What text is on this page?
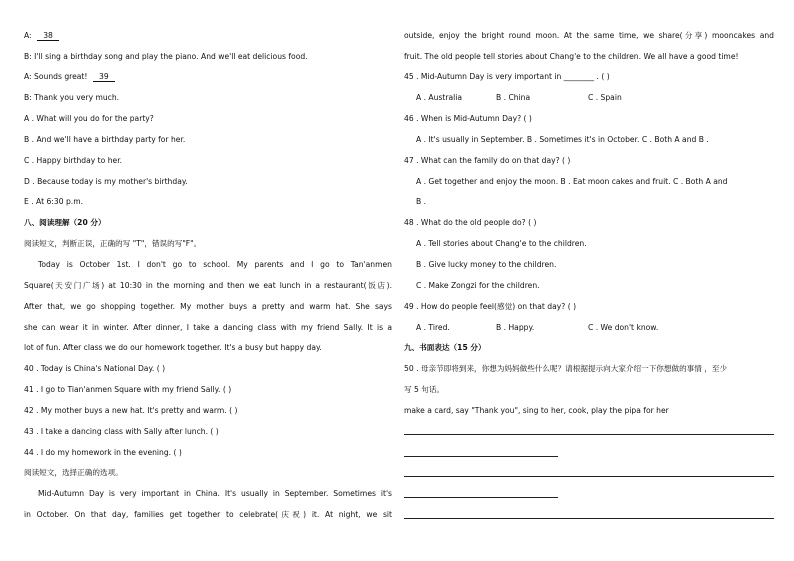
A: 38
B: I'll sing a birthday song and play the piano. And we'll eat delicious food.
A: Sounds great! 39
B: Thank you very much.
A . What will you do for the party?
B . And we'll have a birthday party for her.
C . Happy birthday to her.
D . Because today is my mother's birthday.
E . At 6:30 p.m.
八、阅读理解（20 分）
阅读短文，判断正误，正确的写 "T"，错误的写"F"。
Today is October 1st. I don't go to school. My parents and I go to Tan'anmen
Square(天安门广场) at 10:30 in the morning and then we eat lunch in a restaurant(饭店).
After that, we go shopping together. My mother buys a pretty and warm hat. She says
she can wear it in winter. After dinner, I take a dancing class with my friend Sally. It is a
lot of fun. After class we do our homework together. It's a busy but happy day.
40 . Today is China's National Day. ( )
41 . I go to Tian'anmen Square with my friend Sally. ( )
42 . My mother buys a new hat. It's pretty and warm. ( )
43 . I take a dancing class with Sally after lunch. ( )
44 . I do my homework in the evening. ( )
阅读短文，选择正确的选项。
Mid-Autumn Day is very important in China. It's usually in September. Sometimes it's
in October. On that day, families get together to celebrate(庆祝) it. At night, we sit
outside, enjoy the bright round moon. At the same time, we share(分享) mooncakes and
fruit. The old people tell stories about Chang'e to the children. We all have a good time!
45 . Mid-Autumn Day is very important in ________ . ( )
A . Australia	B . China	C . Spain
46 . When is Mid-Autumn Day? ( )
A . It's usually in September. B . Sometimes it's in October. C . Both A and B .
47 . What can the family do on that day? ( )
A . Get together and enjoy the moon. B . Eat moon cakes and fruit. C . Both A and
B .
48 . What do the old people do? ( )
A . Tell stories about Chang'e to the children.
B . Give lucky money to the children.
C . Make Zongzi for the children.
49 . How do people feel(感觉) on that day? ( )
A . Tired.	B . Happy.	C . We don't know.
九、书面表达（15 分）
50 . 母亲节即将到来，你想为妈妈做些什么呢？请根据提示向大家介绍一下你想做的事情 ，至少
写 5 句话。
make a card, say "Thank you", sing to her, cook, play the pipa for her
